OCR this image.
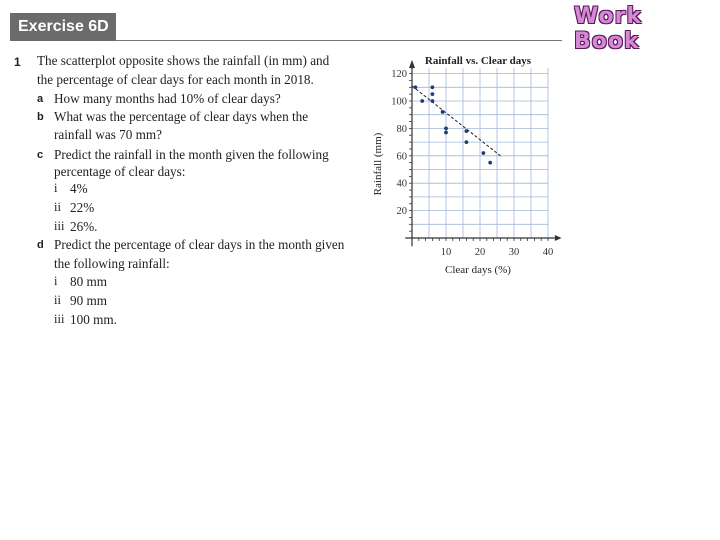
Exercise 6D	Work Book
1 The scatterplot opposite shows the rainfall (in mm) and
the percentage of clear days for each month in 2018.
a How many months had 10% of clear days?
b What was the percentage of clear days when the
rainfall was 70 mm?
c Predict the rainfall in the month given the following
percentage of clear days:
i 4%
ii 22%
iii 26%.
d Predict the percentage of clear days in the month given
the following rainfall:
i 80 mm
ii 90 mm
iii 100 mm.
Rainfall vs. Clear days
Rainfall (mm)
Clear days (%)
20
40
60
80
100
120
10 20 30 40
